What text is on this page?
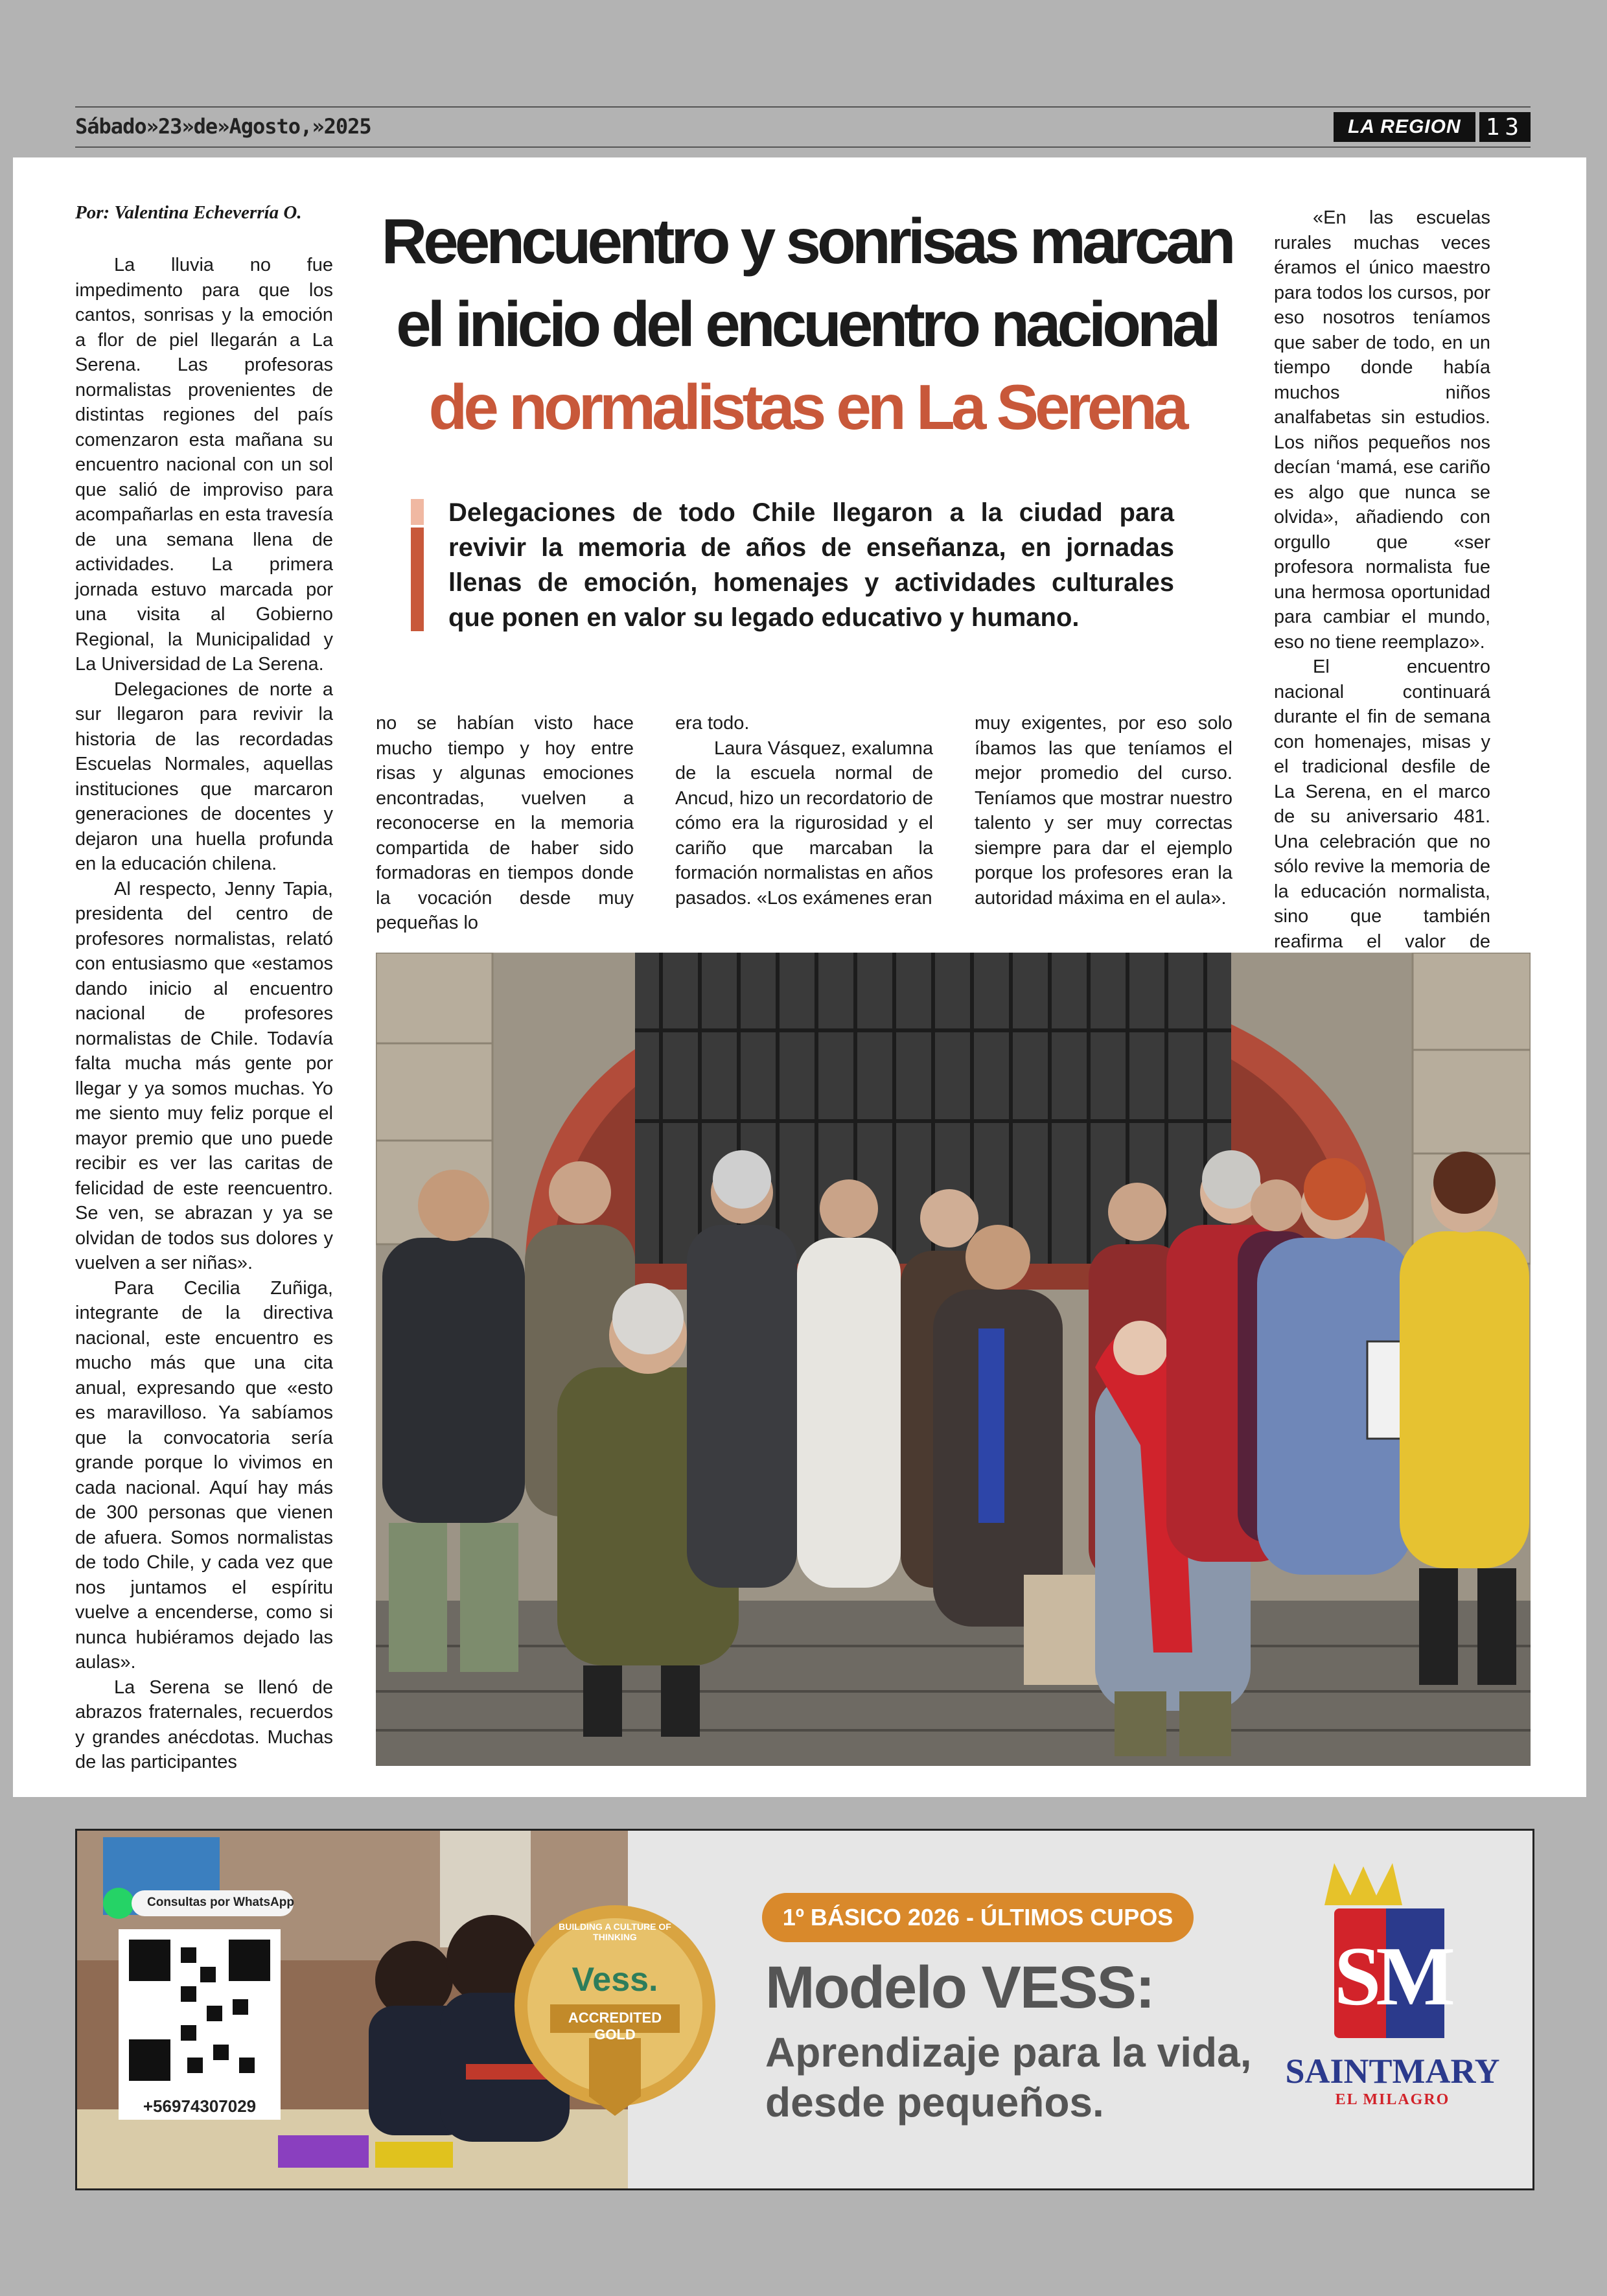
Sábado»23»de»Agosto,»2025	LA REGION	13
Por: Valentina Echeverría O.

La lluvia no fue impedimento para que los cantos, sonrisas y la emoción a flor de piel llegarán a La Serena. Las profesoras normalistas provenientes de distintas regiones del país comenzaron esta mañana su encuentro nacional con un sol que salió de improviso para acompañarlas en esta travesía de una semana llena de actividades. La primera jornada estuvo marcada por una visita al Gobierno Regional, la Municipalidad y La Universidad de La Serena.

Delegaciones de norte a sur llegaron para revivir la historia de las recordadas Escuelas Normales, aquellas instituciones que marcaron generaciones de docentes y dejaron una huella profunda en la educación chilena.

Al respecto, Jenny Tapia, presidenta del centro de profesores normalistas, relató con entusiasmo que «estamos dando inicio al encuentro nacional de profesores normalistas de Chile. Todavía falta mucha más gente por llegar y ya somos muchas. Yo me siento muy feliz porque el mayor premio que uno puede recibir es ver las caritas de felicidad de este reencuentro. Se ven, se abrazan y ya se olvidan de todos sus dolores y vuelven a ser niñas».

Para Cecilia Zuñiga, integrante de la directiva nacional, este encuentro es mucho más que una cita anual, expresando que «esto es maravilloso. Ya sabíamos que la convocatoria sería grande porque lo vivimos en cada nacional. Aquí hay más de 300 personas que vienen de afuera. Somos normalistas de todo Chile, y cada vez que nos juntamos el espíritu vuelve a encenderse, como si nunca hubiéramos dejado las aulas».

La Serena se llenó de abrazos fraternales, recuerdos y grandes anécdotas. Muchas de las participantes

Reencuentro y sonrisas marcan
el inicio del encuentro nacional
de normalistas en La Serena
Delegaciones de todo Chile llegaron a la ciudad para revivir la memoria de años de enseñanza, en jornadas llenas de emoción, homenajes y actividades culturales que ponen en valor su legado educativo y humano.

no se habían visto hace mucho tiempo y hoy entre risas y algunas emociones encontradas, vuelven a reconocerse en la memoria compartida de haber sido formadoras en tiempos donde la vocación desde muy pequeñas lo

era todo.

Laura Vásquez, exalumna de la escuela normal de Ancud, hizo un recordatorio de cómo era la rigurosidad y el cariño que marcaban la formación normalistas en años pasados. «Los exámenes eran

muy exigentes, por eso solo íbamos las que teníamos el mejor promedio del curso. Teníamos que mostrar nuestro talento y ser muy correctas siempre para dar el ejemplo porque los profesores eran la autoridad máxima en el aula».

«En las escuelas rurales muchas veces éramos el único maestro para todos los cursos, por eso nosotros teníamos que saber de todo, en un tiempo donde había muchos niños analfabetas sin estudios. Los niños pequeños nos decían ‘mamá, ese cariño es algo que nunca se olvida», añadiendo con orgullo que «ser profesora normalista fue una hermosa oportunidad para cambiar el mundo, eso no tiene reemplazo».

El encuentro nacional continuará durante el fin de semana con homenajes, misas y el tradicional desfile de La Serena, en el marco de su aniversario 481. Una celebración que no sólo revive la memoria de la educación normalista, sino que también reafirma el valor de

Consultas por WhatsApp
+56974307029
BUILDING A CULTURE OF THINKING
Vess.
ACCREDITED GOLD
1º BÁSICO 2026 - ÚLTIMOS CUPOS
Modelo VESS:
Aprendizaje para la vida,
desde pequeños.
SM
SAINTMARY
EL MILAGRO
